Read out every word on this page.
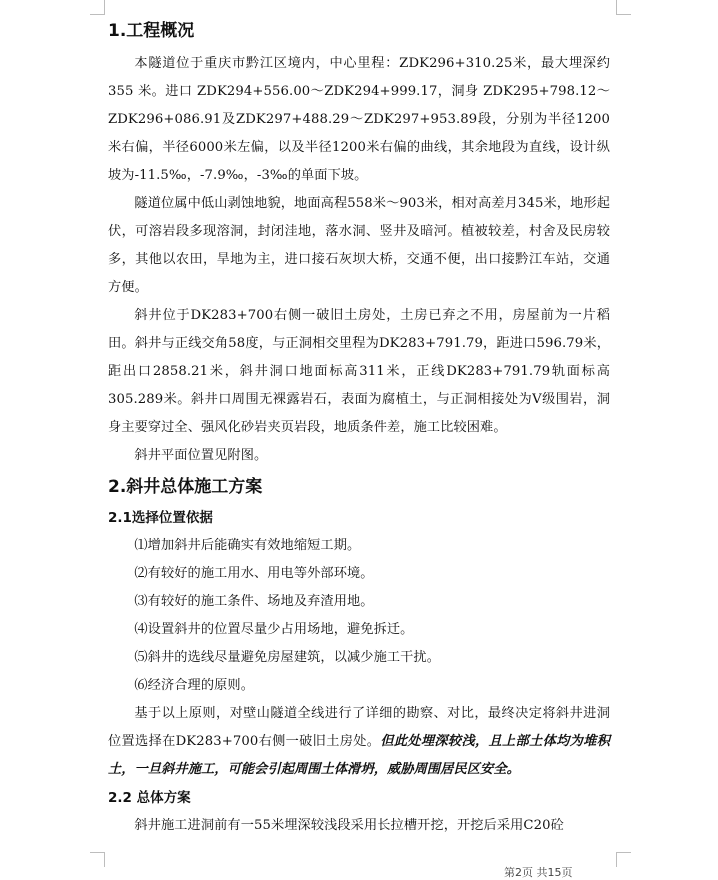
1.工程概况

本隧道位于重庆市黔江区境内，中心里程：ZDK296+310.25米，最大埋深约355 米。进口 ZDK294+556.00～ZDK294+999.17，洞身 ZDK295+798.12～ZDK296+086.91及ZDK297+488.29～ZDK297+953.89段，分别为半径1200米右偏，半径6000米左偏，以及半径1200米右偏的曲线，其余地段为直线，设计纵坡为-11.5‰，-7.9‰，-3‰的单面下坡。

隧道位属中低山剥蚀地貌，地面高程558米～903米，相对高差月345米，地形起伏，可溶岩段多现溶洞，封闭洼地，落水洞、竖井及暗河。植被较差，村舍及民房较多，其他以农田，旱地为主，进口接石灰坝大桥，交通不便，出口接黔江车站，交通方便。

斜井位于DK283+700右侧一破旧土房处，土房已弃之不用，房屋前为一片稻田。斜井与正线交角58度，与正洞相交里程为DK283+791.79，距进口596.79米，距出口2858.21米，斜井洞口地面标高311米，正线DK283+791.79轨面标高305.289米。斜井口周围无裸露岩石，表面为腐植土，与正洞相接处为V级围岩，洞身主要穿过全、强风化砂岩夹页岩段，地质条件差，施工比较困难。

斜井平面位置见附图。

2.斜井总体施工方案
2.1选择位置依据

⑴增加斜井后能确实有效地缩短工期。

⑵有较好的施工用水、用电等外部环境。

⑶有较好的施工条件、场地及弃渣用地。

⑷设置斜井的位置尽量少占用场地，避免拆迁。

⑸斜井的选线尽量避免房屋建筑，以减少施工干扰。

⑹经济合理的原则。

基于以上原则，对壁山隧道全线进行了详细的勘察、对比，最终决定将斜井进洞位置选择在DK283+700右侧一破旧土房处。但此处埋深较浅，且上部土体均为堆积土，一旦斜井施工，可能会引起周围土体滑坍，威胁周围居民区安全。

2.2 总体方案

斜井施工进洞前有一55米埋深较浅段采用长拉槽开挖，开挖后采用C20砼

第2页 共15页
